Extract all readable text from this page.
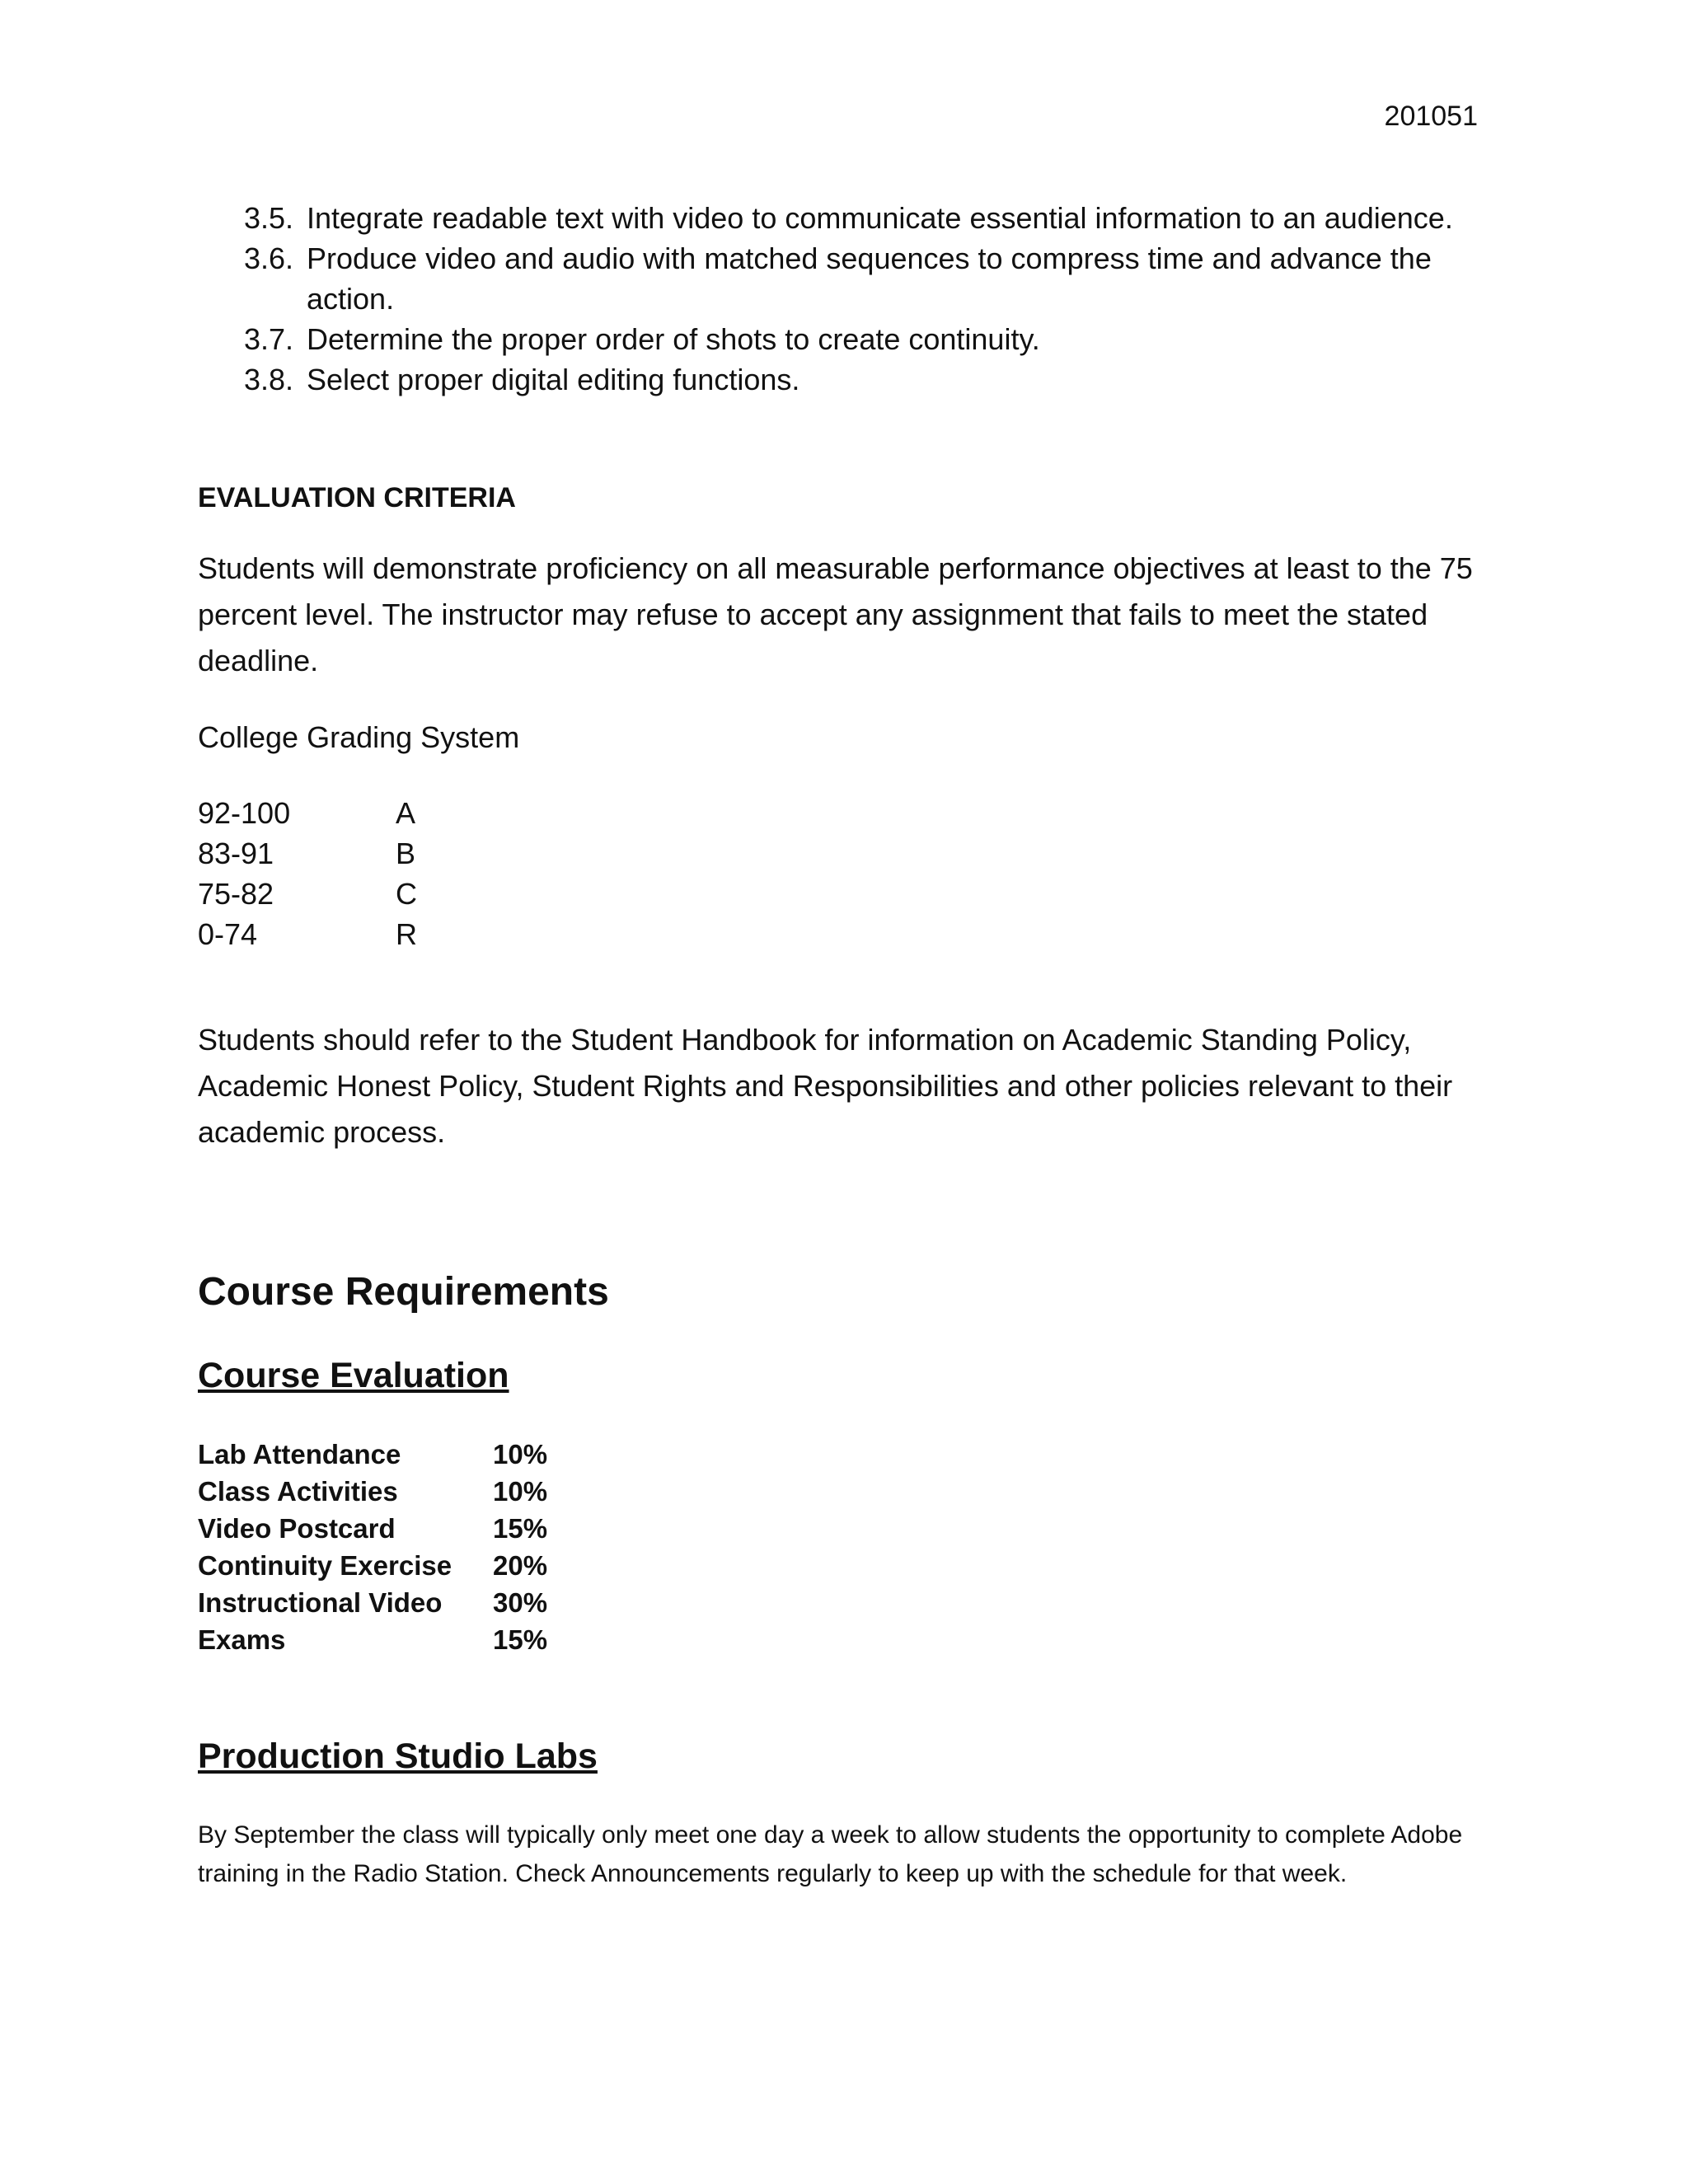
201051
3.5. Integrate readable text with video to communicate essential information to an audience.
3.6. Produce video and audio with matched sequences to compress time and advance the action.
3.7. Determine the proper order of shots to create continuity.
3.8. Select proper digital editing functions.
EVALUATION CRITERIA

Students will demonstrate proficiency on all measurable performance objectives at least to the 75 percent level. The instructor may refuse to accept any assignment that fails to meet the stated deadline.

College Grading System

92-100	A
83-91	B
75-82	C
0-74	R

Students should refer to the Student Handbook for information on Academic Standing Policy, Academic Honest Policy, Student Rights and Responsibilities and other policies relevant to their academic process.

Course Requirements
Course Evaluation
Lab Attendance	10%
Class Activities	10%
Video Postcard	15%
Continuity Exercise	20%
Instructional Video	30%
Exams	15%
Production Studio Labs

By September the class will typically only meet one day a week to allow students the opportunity to complete Adobe training in the Radio Station. Check Announcements regularly to keep up with the schedule for that week.
